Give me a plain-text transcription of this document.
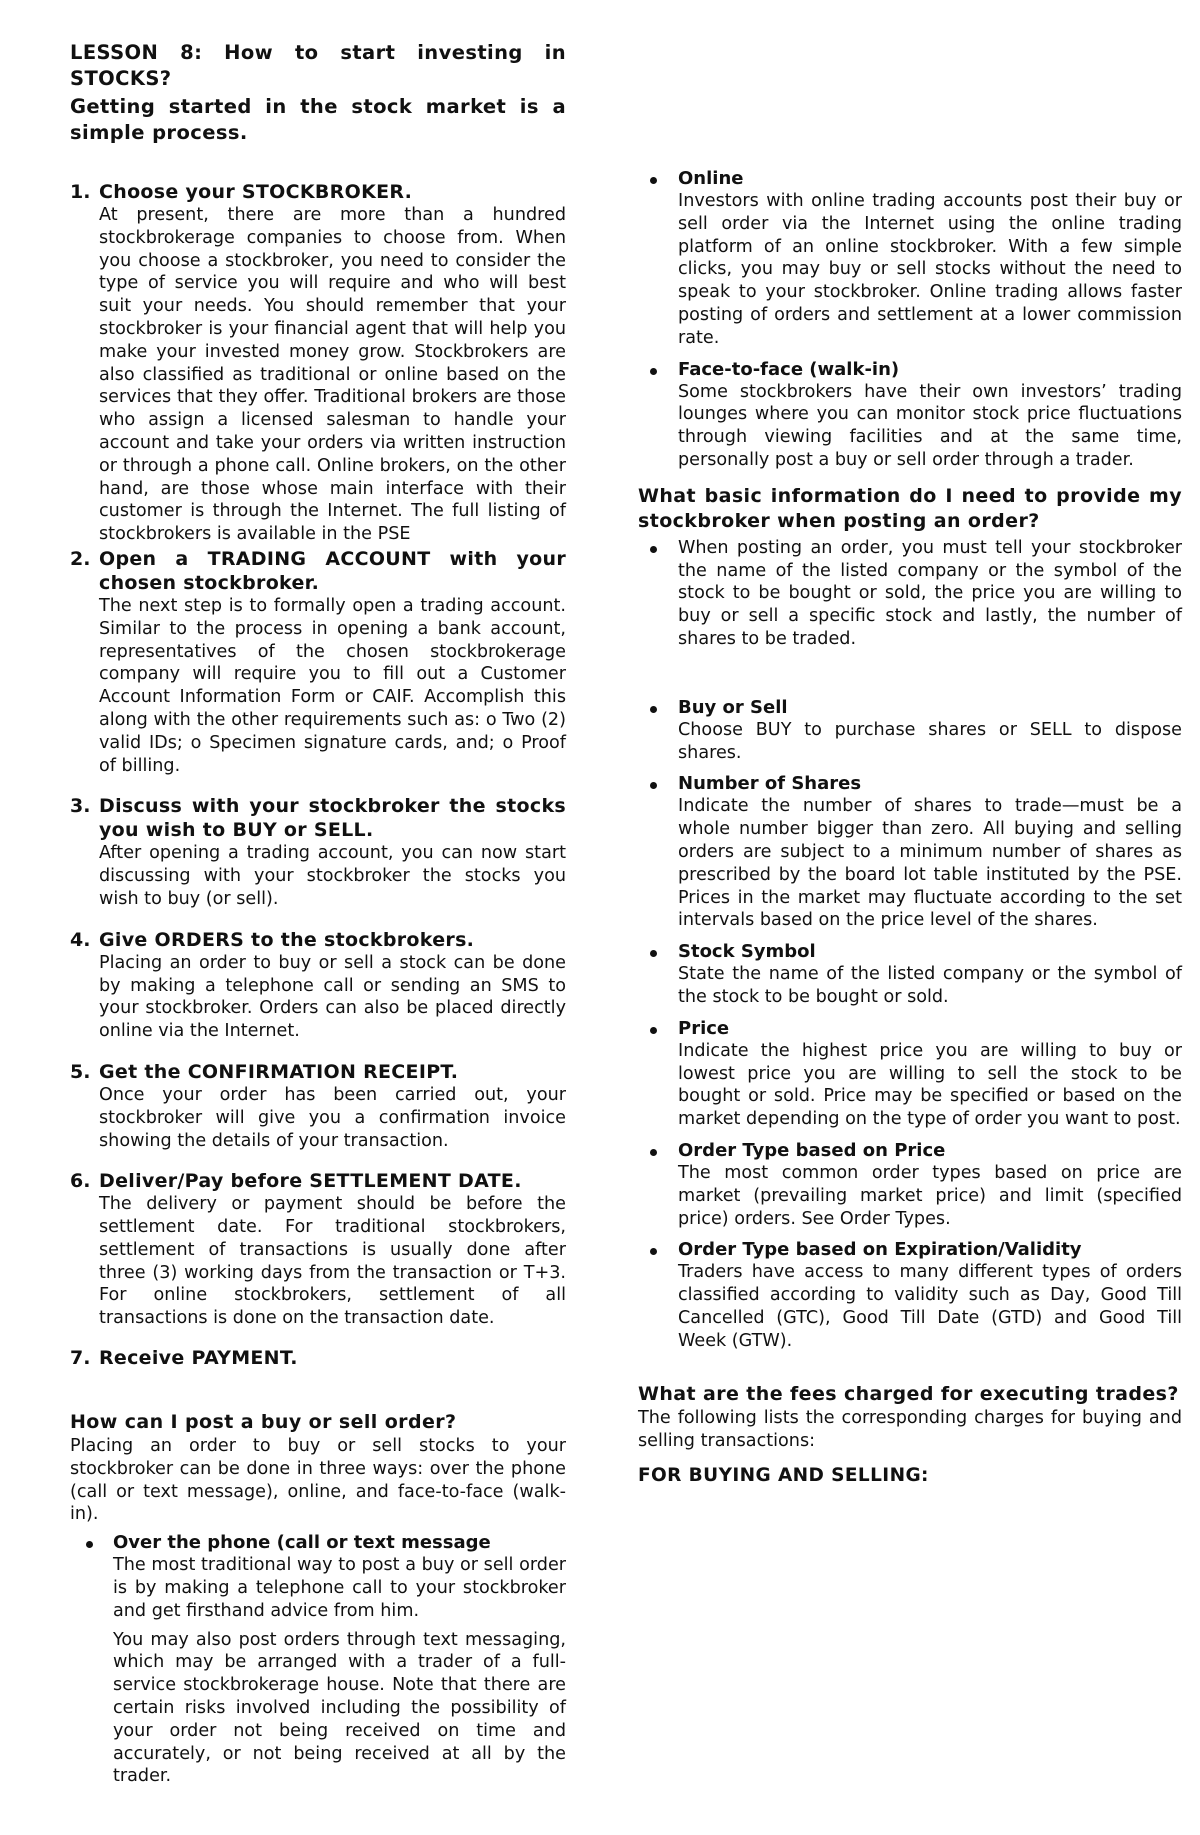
LESSON 8: How to start investing in STOCKS?

Getting started in the stock market is a simple process.

1. Choose your STOCKBROKER.

At present, there are more than a hundred stockbrokerage companies to choose from. When you choose a stockbroker, you need to consider the type of service you will require and who will best suit your needs. You should remember that your stockbroker is your financial agent that will help you make your invested money grow. Stockbrokers are also classified as traditional or online based on the services that they offer. Traditional brokers are those who assign a licensed salesman to handle your account and take your orders via written instruction or through a phone call. Online brokers, on the other hand, are those whose main interface with their customer is through the Internet. The full listing of stockbrokers is available in the PSE

2. Open a TRADING ACCOUNT with your chosen stockbroker.

The next step is to formally open a trading account. Similar to the process in opening a bank account, representatives of the chosen stockbrokerage company will require you to fill out a Customer Account Information Form or CAIF. Accomplish this along with the other requirements such as: o Two (2) valid IDs; o Specimen signature cards, and; o Proof of billing.

3. Discuss with your stockbroker the stocks you wish to BUY or SELL.

After opening a trading account, you can now start discussing with your stockbroker the stocks you wish to buy (or sell).

4. Give ORDERS to the stockbrokers.

Placing an order to buy or sell a stock can be done by making a telephone call or sending an SMS to your stockbroker. Orders can also be placed directly online via the Internet.

5. Get the CONFIRMATION RECEIPT.

Once your order has been carried out, your stockbroker will give you a confirmation invoice showing the details of your transaction.

6. Deliver/Pay before SETTLEMENT DATE.

The delivery or payment should be before the settlement date. For traditional stockbrokers, settlement of transactions is usually done after three (3) working days from the transaction or T+3. For online stockbrokers, settlement of all transactions is done on the transaction date.

7. Receive PAYMENT.

How can I post a buy or sell order?

Placing an order to buy or sell stocks to your stockbroker can be done in three ways: over the phone (call or text message), online, and face-to-face (walk-in).

Over the phone (call or text message

The most traditional way to post a buy or sell order is by making a telephone call to your stockbroker and get firsthand advice from him.

You may also post orders through text messaging, which may be arranged with a trader of a full-service stockbrokerage house. Note that there are certain risks involved including the possibility of your order not being received on time and accurately, or not being received at all by the trader.

Online

Investors with online trading accounts post their buy or sell order via the Internet using the online trading platform of an online stockbroker. With a few simple clicks, you may buy or sell stocks without the need to speak to your stockbroker. Online trading allows faster posting of orders and settlement at a lower commission rate.

Face-to-face (walk-in)

Some stockbrokers have their own investors’ trading lounges where you can monitor stock price fluctuations through viewing facilities and at the same time, personally post a buy or sell order through a trader.

What basic information do I need to provide my stockbroker when posting an order?

When posting an order, you must tell your stockbroker the name of the listed company or the symbol of the stock to be bought or sold, the price you are willing to buy or sell a specific stock and lastly, the number of shares to be traded.

Buy or Sell

Choose BUY to purchase shares or SELL to dispose shares.

Number of Shares

Indicate the number of shares to trade—must be a whole number bigger than zero. All buying and selling orders are subject to a minimum number of shares as prescribed by the board lot table instituted by the PSE. Prices in the market may fluctuate according to the set intervals based on the price level of the shares.

Stock Symbol

State the name of the listed company or the symbol of the stock to be bought or sold.

Price

Indicate the highest price you are willing to buy or lowest price you are willing to sell the stock to be bought or sold. Price may be specified or based on the market depending on the type of order you want to post.

Order Type based on Price

The most common order types based on price are market (prevailing market price) and limit (specified price) orders. See Order Types.

Order Type based on Expiration/Validity

Traders have access to many different types of orders classified according to validity such as Day, Good Till Cancelled (GTC), Good Till Date (GTD) and Good Till Week (GTW).

What are the fees charged for executing trades?

The following lists the corresponding charges for buying and selling transactions:

FOR BUYING AND SELLING:
